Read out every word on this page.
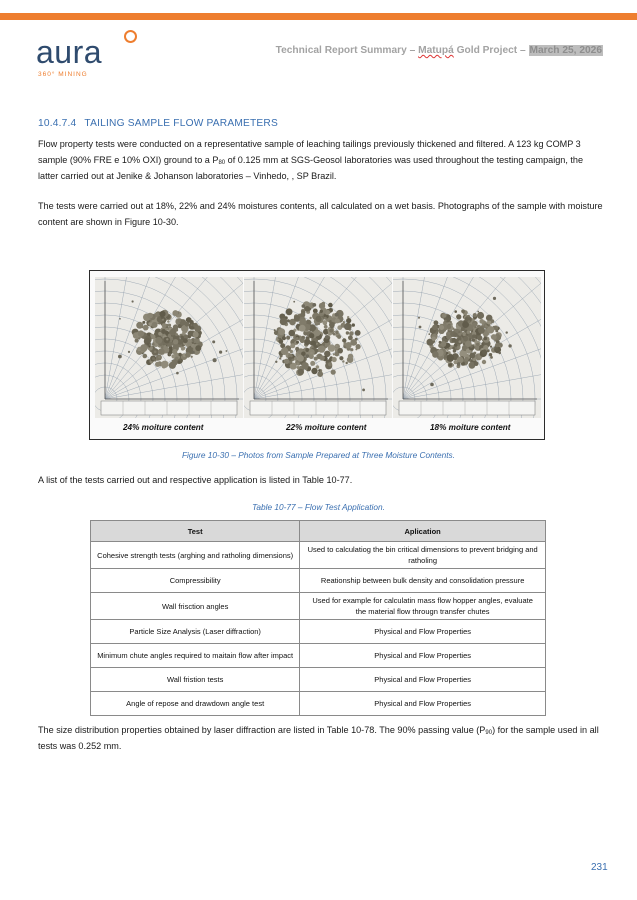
aura
360° MINING
Technical Report Summary – Matupá Gold Project – March 25, 2026
10.4.7.4 TAILING SAMPLE FLOW PARAMETERS
Flow property tests were conducted on a representative sample of leaching tailings previously thickened and filtered. A 123 kg COMP 3 sample (90% FRE e 10% OXI) ground to a $P_{80}$ of 0.125 mm at SGS-Geosol laboratories was used throughout the testing campaign, the latter carried out at Jenike & Johanson laboratories – Vinhedo, , SP Brazil.
The tests were carried out at 18%, 22% and 24% moistures contents, all calculated on a wet basis. Photographs of the sample with moisture content are shown in Figure 10-30.
24% moiture content	22% moiture content	18% moiture content
Figure 10-30 – Photos from Sample Prepared at Three Moisture Contents.
A list of the tests carried out and respective application is listed in Table 10-77.
Table 10-77 – Flow Test Application.
Test	Aplication
Cohesive strength tests (arghing and ratholing dimensions)	Used to calculatiog the bin critical dimensions to prevent bridging and ratholing
Compressibility	Reationship between bulk density and consolidation pressure
Wall frisction angles	Used for example for calculatin mass flow hopper angles, evaluate the material flow througn transfer chutes
Particle Size Analysis (Laser diffraction)	Physical and Flow Properties
Minimum chute angles required to maitain flow after impact	Physical and Flow Properties
Wall fristion tests	Physical and Flow Properties
Angle of repose and drawdown angle test	Physical and Flow Properties
The size distribution properties obtained by laser diffraction are listed in Table 10-78. The 90% passing value $(P_{90})$ for the sample used in all tests was 0.252 mm.
231
